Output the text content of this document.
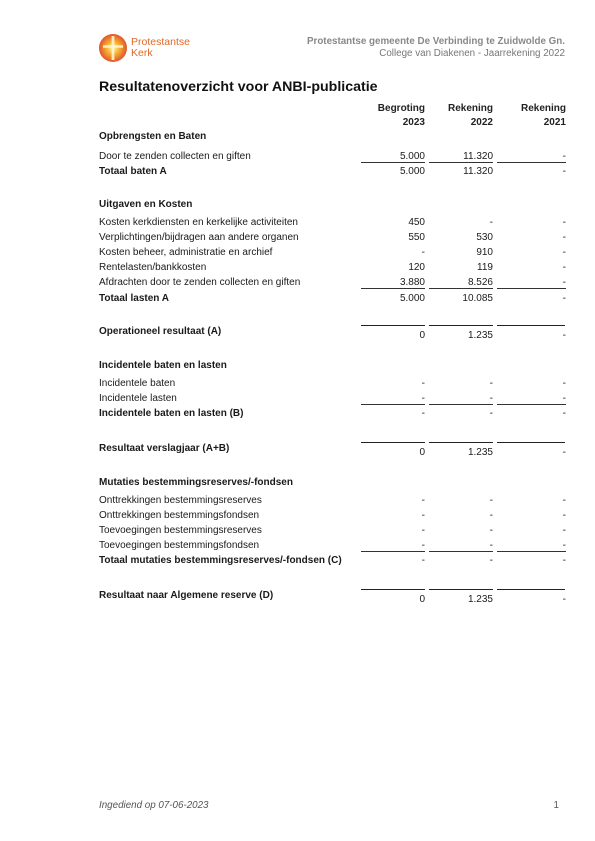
Protestantse
Kerk
Protestantse gemeente De Verbinding te Zuidwolde Gn.
College van Diakenen - Jaarrekening 2022
Resultatenoverzicht voor ANBI-publicatie
Begroting
2023
Rekening
2022
Rekening
2021
Opbrengsten en Baten
Door te zenden collecten en giften	5.000	11.320	-
Totaal baten A	5.000	11.320	-
Uitgaven en Kosten
Kosten kerkdiensten en kerkelijke activiteiten	450	-	-
Verplichtingen/bijdragen aan andere organen	550	530	-
Kosten beheer, administratie en archief	-	910	-
Rentelasten/bankkosten	120	119	-
Afdrachten door te zenden collecten en giften	3.880	8.526	-
Totaal lasten A	5.000	10.085	-
Operationeel resultaat (A)	0	1.235	-
Incidentele baten en lasten
Incidentele baten	-	-	-
Incidentele lasten	-	-	-
Incidentele baten en lasten (B)	-	-	-
Resultaat verslagjaar (A+B)	0	1.235	-
Mutaties bestemmingsreserves/-fondsen
Onttrekkingen bestemmingsreserves	-	-	-
Onttrekkingen bestemmingsfondsen	-	-	-
Toevoegingen bestemmingsreserves	-	-	-
Toevoegingen bestemmingsfondsen	-	-	-
Totaal mutaties bestemmingsreserves/-fondsen (C)	-	-	-
Resultaat naar Algemene reserve (D)	0	1.235	-
Ingediend op 07-06-2023	1
